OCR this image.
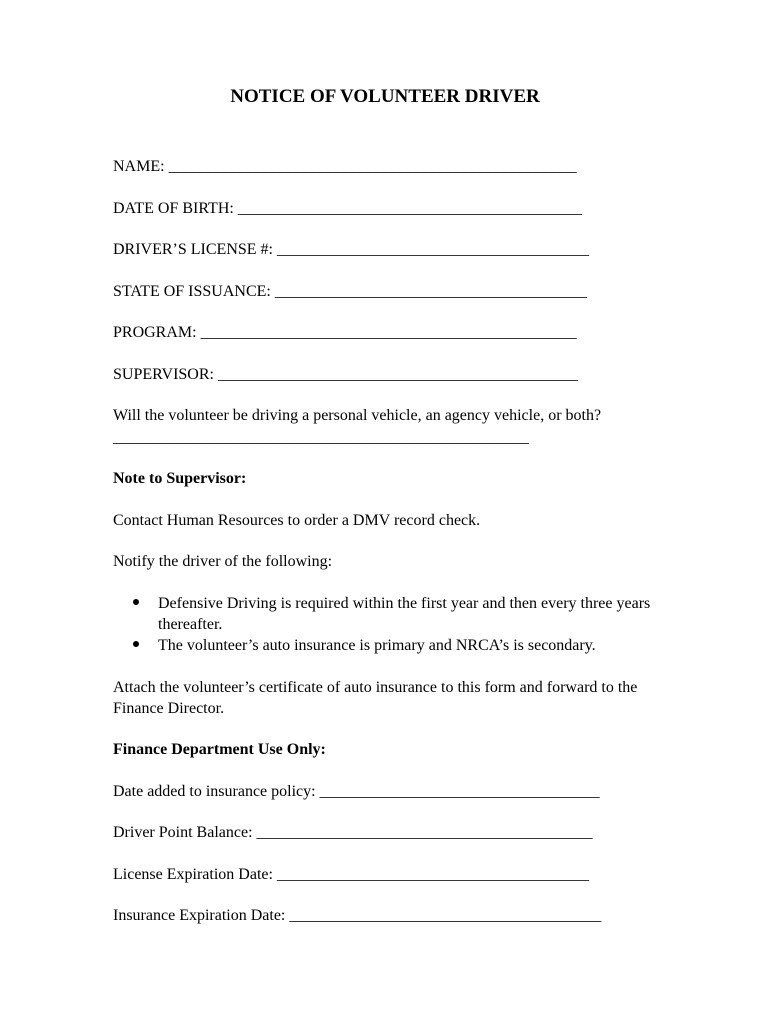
NOTICE OF VOLUNTEER DRIVER
NAME: ___________________________________________________
DATE OF BIRTH: ___________________________________________
DRIVER’S LICENSE #: _______________________________________
STATE OF ISSUANCE: _______________________________________
PROGRAM: _______________________________________________
SUPERVISOR: _____________________________________________
Will the volunteer be driving a personal vehicle, an agency vehicle, or both?
____________________________________________________
Note to Supervisor:
Contact Human Resources to order a DMV record check.
Notify the driver of the following:
Defensive Driving is required within the first year and then every three years thereafter.
The volunteer’s auto insurance is primary and NRCA’s is secondary.
Attach the volunteer’s certificate of auto insurance to this form and forward to the Finance Director.
Finance Department Use Only:
Date added to insurance policy: ___________________________________
Driver Point Balance: __________________________________________
License Expiration Date: _______________________________________
Insurance Expiration Date: _______________________________________
